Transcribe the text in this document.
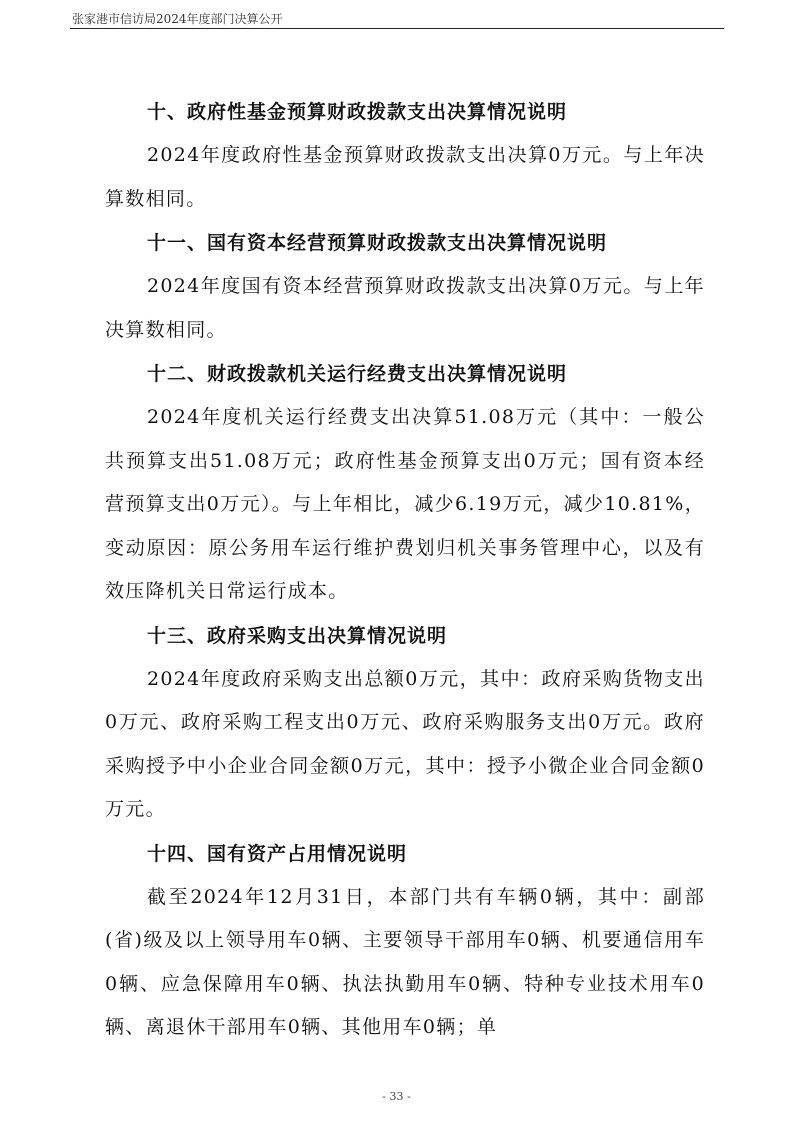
张家港市信访局2024年度部门决算公开
十、政府性基金预算财政拨款支出决算情况说明

2024年度政府性基金预算财政拨款支出决算0万元。与上年决算数相同。

十一、国有资本经营预算财政拨款支出决算情况说明

2024年度国有资本经营预算财政拨款支出决算0万元。与上年决算数相同。

十二、财政拨款机关运行经费支出决算情况说明

2024年度机关运行经费支出决算51.08万元（其中：一般公共预算支出51.08万元；政府性基金预算支出0万元；国有资本经营预算支出0万元）。与上年相比，减少6.19万元，减少10.81%，变动原因：原公务用车运行维护费划归机关事务管理中心，以及有效压降机关日常运行成本。

十三、政府采购支出决算情况说明

2024年度政府采购支出总额0万元，其中：政府采购货物支出0万元、政府采购工程支出0万元、政府采购服务支出0万元。政府采购授予中小企业合同金额0万元，其中：授予小微企业合同金额0万元。

十四、国有资产占用情况说明

截至2024年12月31日，本部门共有车辆0辆，其中：副部(省)级及以上领导用车0辆、主要领导干部用车0辆、机要通信用车0辆、应急保障用车0辆、执法执勤用车0辆、特种专业技术用车0辆、离退休干部用车0辆、其他用车0辆；单

- 33 -
